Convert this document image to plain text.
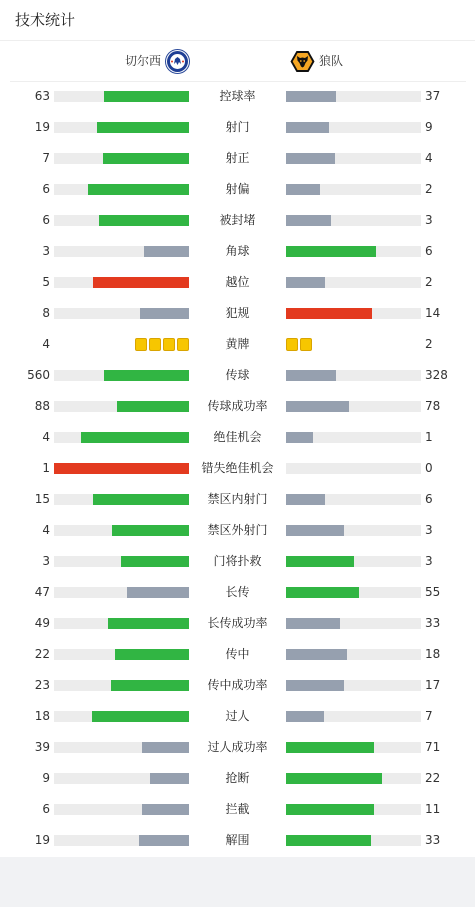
技术统计
切尔西	狼队
63	控球率	37
19	射门	9
7	射正	4
6	射偏	2
6	被封堵	3
3	角球	6
5	越位	2
8	犯规	14
4	黄牌	2
560	传球	328
88	传球成功率	78
4	绝佳机会	1
1	错失绝佳机会	0
15	禁区内射门	6
4	禁区外射门	3
3	门将扑救	3
47	长传	55
49	长传成功率	33
22	传中	18
23	传中成功率	17
18	过人	7
39	过人成功率	71
9	抢断	22
6	拦截	11
19	解围	33
